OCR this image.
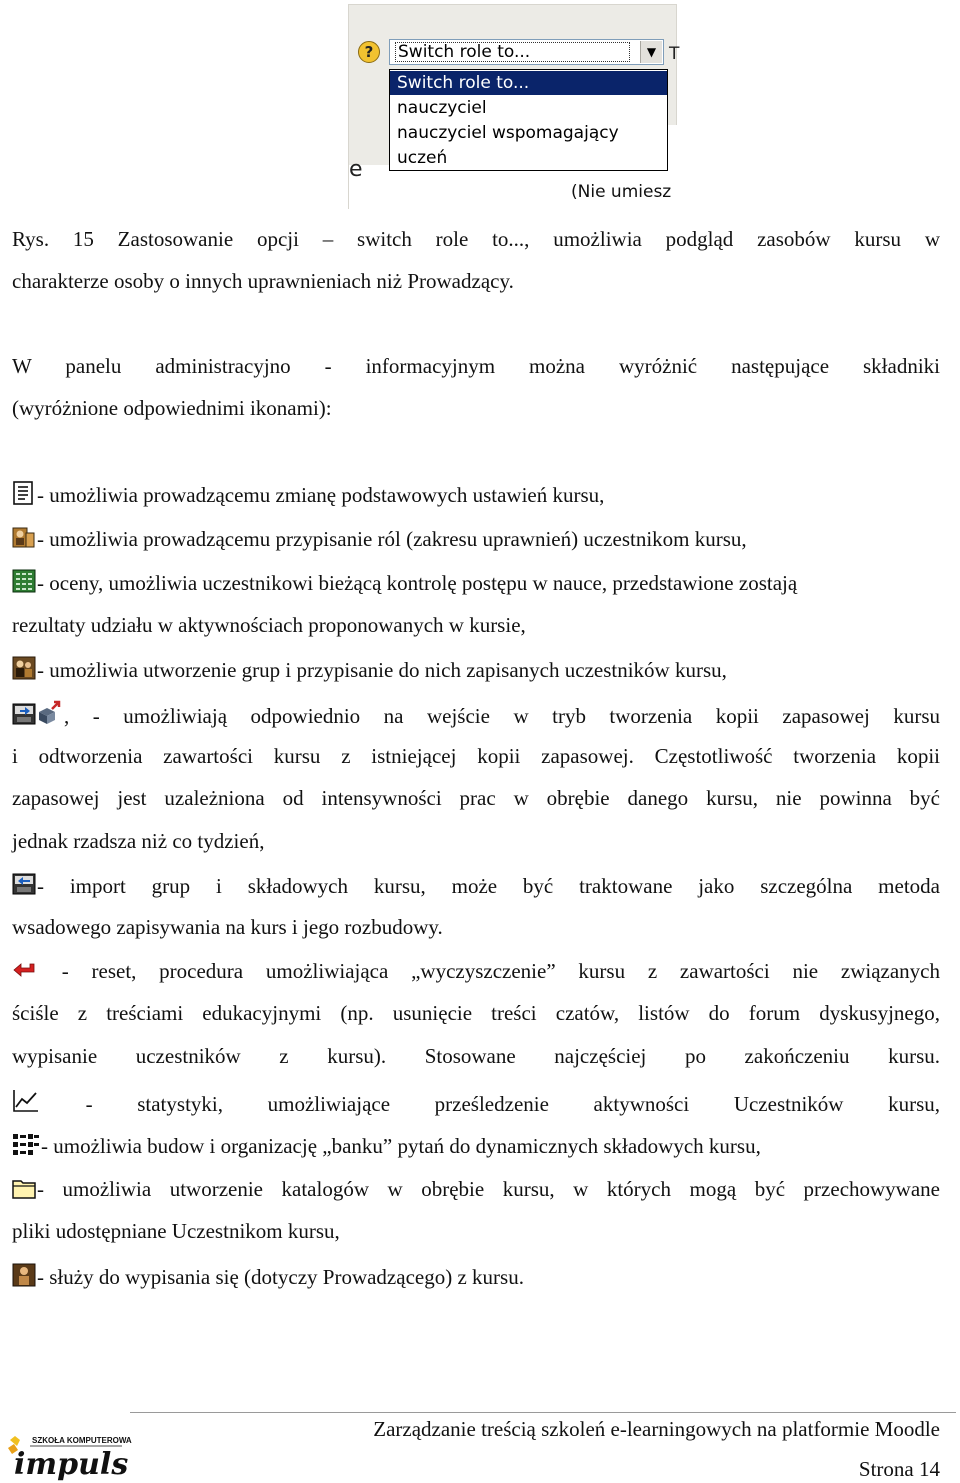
?	Switch role to...	▼ T
Switch role to...
nauczyciel
nauczyciel wspomagający
uczeń
e
(Nie umiesz
Rys. 15 Zastosowanie opcji – switch role to..., umożliwia podgląd zasobów kursu w
charakterze osoby o innych uprawnieniach niż Prowadzący.
W panelu administracyjno - informacyjnym można wyróżnić następujące składniki
(wyróżnione odpowiednimi ikonami):
- umożliwia prowadzącemu zmianę podstawowych ustawień kursu,
- umożliwia prowadzącemu przypisanie ról (zakresu uprawnień) uczestnikom kursu,
- oceny, umożliwia uczestnikowi bieżącą kontrolę postępu w nauce, przedstawione zostają
rezultaty udziału w aktywnościach proponowanych w kursie,
- umożliwia utworzenie grup i przypisanie do nich zapisanych uczestników kursu,
, - umożliwiają odpowiednio na wejście w tryb tworzenia kopii zapasowej kursu
i odtworzenia zawartości kursu z istniejącej kopii zapasowej. Częstotliwość tworzenia kopii
zapasowej jest uzależniona od intensywności prac w obrębie danego kursu, nie powinna być
jednak rzadsza niż co tydzień,
- import grup i składowych kursu, może być traktowane jako szczególna metoda
wsadowego zapisywania na kurs i jego rozbudowy.
- reset, procedura umożliwiająca „wyczyszczenie” kursu z zawartości nie związanych
ściśle z treściami edukacyjnymi (np. usunięcie treści czatów, listów do forum dyskusyjnego,
wypisanie uczestników z kursu). Stosowane najczęściej po zakończeniu kursu.
- statystyki, umożliwiające prześledzenie aktywności Uczestników kursu,
- umożliwia budow i organizację „banku” pytań do dynamicznych składowych kursu,
- umożliwia utworzenie katalogów w obrębie kursu, w których mogą być przechowywane
pliki udostępniane Uczestnikom kursu,
- służy do wypisania się (dotyczy Prowadzącego) z kursu.
Zarządzanie treścią szkoleń e-learningowych na platformie Moodle
Strona 14
SZKOŁA KOMPUTEROWA
impuls
